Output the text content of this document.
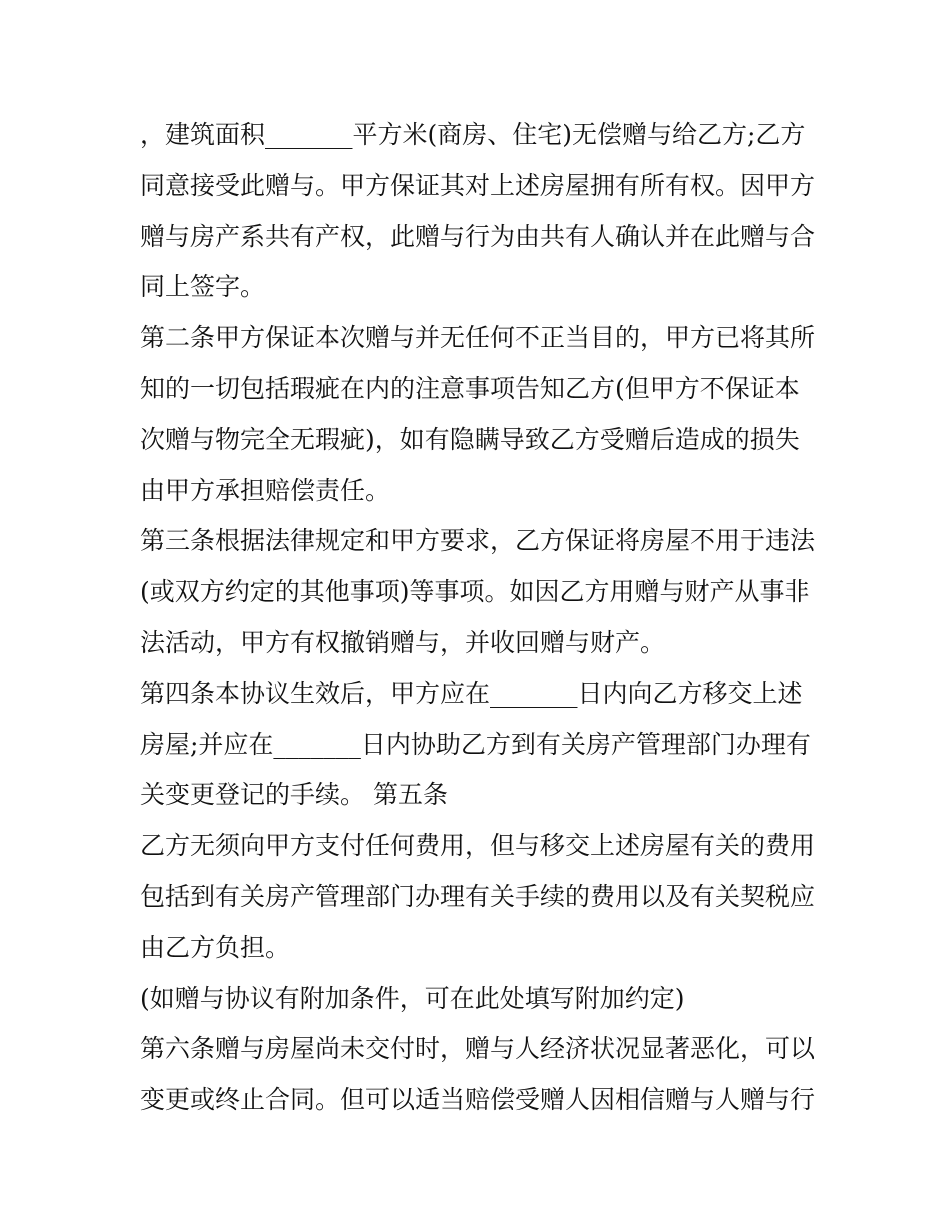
，建筑面积_______平方米(商房、住宅)无偿赠与给乙方;乙方

同意接受此赠与。甲方保证其对上述房屋拥有所有权。因甲方

赠与房产系共有产权，此赠与行为由共有人确认并在此赠与合

同上签字。

第二条甲方保证本次赠与并无任何不正当目的，甲方已将其所

知的一切包括瑕疵在内的注意事项告知乙方(但甲方不保证本

次赠与物完全无瑕疵)，如有隐瞒导致乙方受赠后造成的损失

由甲方承担赔偿责任。

第三条根据法律规定和甲方要求，乙方保证将房屋不用于违法

(或双方约定的其他事项)等事项。如因乙方用赠与财产从事非

法活动，甲方有权撤销赠与，并收回赠与财产。

第四条本协议生效后，甲方应在_______日内向乙方移交上述

房屋;并应在_______日内协助乙方到有关房产管理部门办理有

关变更登记的手续。 第五条

乙方无须向甲方支付任何费用，但与移交上述房屋有关的费用

包括到有关房产管理部门办理有关手续的费用以及有关契税应

由乙方负担。

(如赠与协议有附加条件，可在此处填写附加约定)

第六条赠与房屋尚未交付时，赠与人经济状况显著恶化，可以

变更或终止合同。但可以适当赔偿受赠人因相信赠与人赠与行
